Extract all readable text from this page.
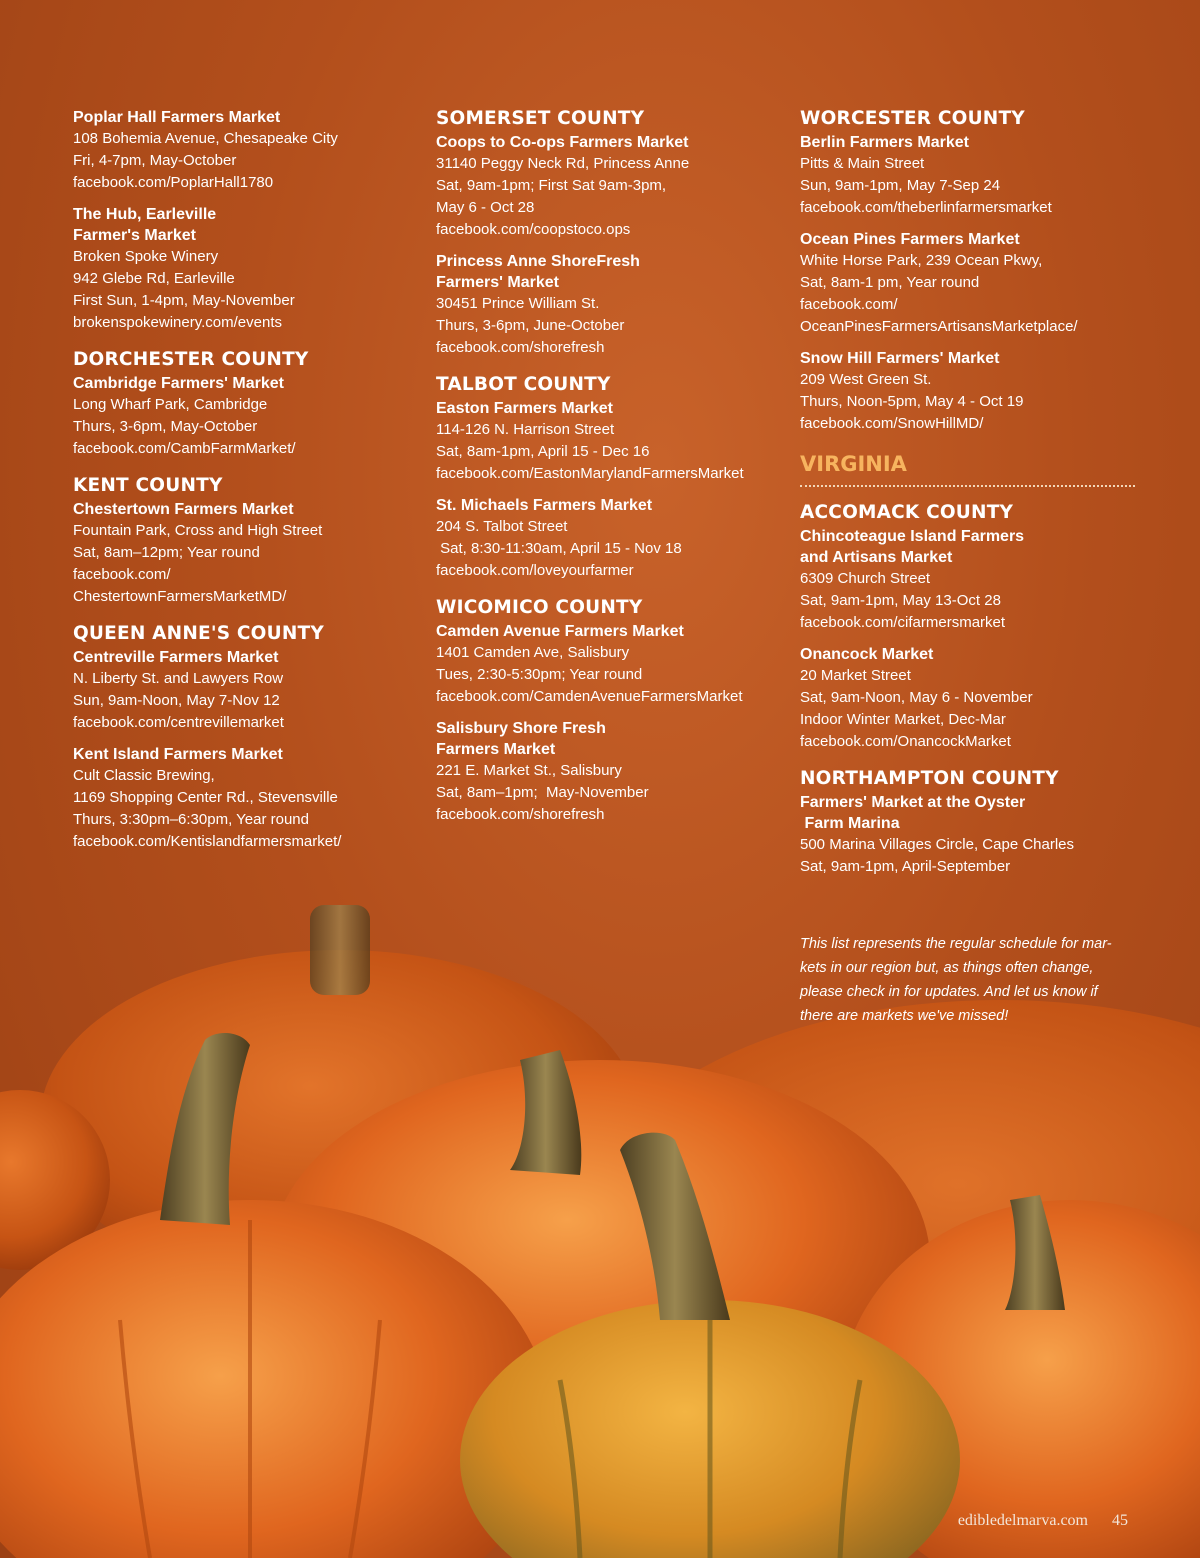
Poplar Hall Farmers Market
108 Bohemia Avenue, Chesapeake City
Fri, 4-7pm, May-October
facebook.com/PoplarHall1780
The Hub, Earleville
Farmer's Market
Broken Spoke Winery
942 Glebe Rd, Earleville
First Sun, 1-4pm, May-November
brokenspokewinery.com/events
DORCHESTER COUNTY
Cambridge Farmers' Market
Long Wharf Park, Cambridge
Thurs, 3-6pm, May-October
facebook.com/CambFarmMarket/
KENT COUNTY
Chestertown Farmers Market
Fountain Park, Cross and High Street
Sat, 8am–12pm; Year round
facebook.com/
ChestertownFarmersMarketMD/
QUEEN ANNE'S COUNTY
Centreville Farmers Market
N. Liberty St. and Lawyers Row
Sun, 9am-Noon, May 7-Nov 12
facebook.com/centrevillemarket
Kent Island Farmers Market
Cult Classic Brewing,
1169 Shopping Center Rd., Stevensville
Thurs, 3:30pm–6:30pm, Year round
facebook.com/Kentislandfarmersmarket/
SOMERSET COUNTY
Coops to Co-ops Farmers Market
31140 Peggy Neck Rd, Princess Anne
Sat, 9am-1pm; First Sat 9am-3pm,
May 6 - Oct 28
facebook.com/coopstoco.ops
Princess Anne ShoreFresh
Farmers' Market
30451 Prince William St.
Thurs, 3-6pm, June-October
facebook.com/shorefresh
TALBOT COUNTY
Easton Farmers Market
114-126 N. Harrison Street
Sat, 8am-1pm, April 15 - Dec 16
facebook.com/EastonMarylandFarmersMarket
St. Michaels Farmers Market
204 S. Talbot Street
Sat, 8:30-11:30am, April 15 - Nov 18
facebook.com/loveyourfarmer
WICOMICO COUNTY
Camden Avenue Farmers Market
1401 Camden Ave, Salisbury
Tues, 2:30-5:30pm; Year round
facebook.com/CamdenAvenueFarmersMarket
Salisbury Shore Fresh
Farmers Market
221 E. Market St., Salisbury
Sat, 8am–1pm;  May-November
facebook.com/shorefresh
WORCESTER COUNTY
Berlin Farmers Market
Pitts & Main Street
Sun, 9am-1pm, May 7-Sep 24
facebook.com/theberlinfarmersmarket
Ocean Pines Farmers Market
White Horse Park, 239 Ocean Pkwy,
Sat, 8am-1 pm, Year round
facebook.com/
OceanPinesFarmersArtisansMarketplace/
Snow Hill Farmers' Market
209 West Green St.
Thurs, Noon-5pm, May 4 - Oct 19
facebook.com/SnowHillMD/
VIRGINIA
ACCOMACK COUNTY
Chincoteague Island Farmers
and Artisans Market
6309 Church Street
Sat, 9am-1pm, May 13-Oct 28
facebook.com/cifarmersmarket
Onancock Market
20 Market Street
Sat, 9am-Noon, May 6 - November
Indoor Winter Market, Dec-Mar
facebook.com/OnancockMarket
NORTHAMPTON COUNTY
Farmers' Market at the Oyster
Farm Marina
500 Marina Villages Circle, Cape Charles
Sat, 9am-1pm, April-September
This list represents the regular schedule for mar-
kets in our region but, as things often change,
please check in for updates. And let us know if
there are markets we've missed!
edibledelmarva.com 45
